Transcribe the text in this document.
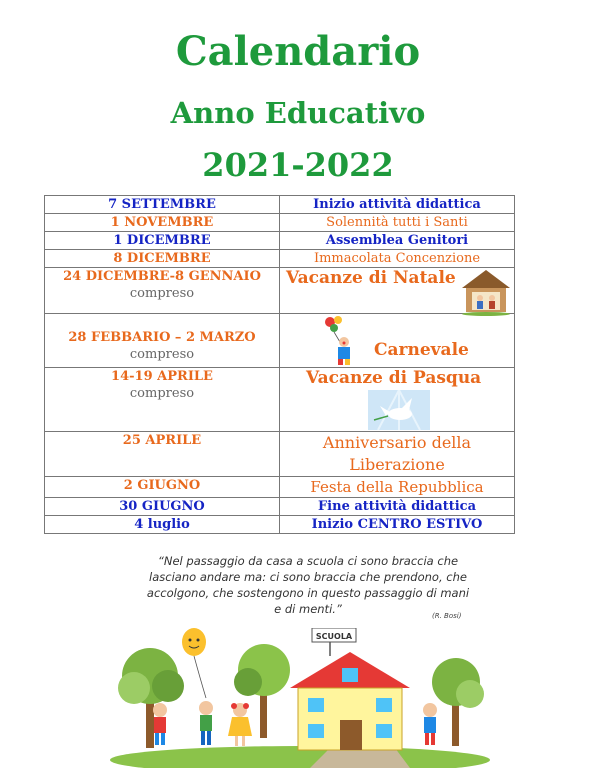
Calendario
Anno Educativo
2021-2022
7 SETTEMBRE	Inizio attività didattica
1 NOVEMBRE	Solennità tutti i Santi
1 DICEMBRE	Assemblea Genitori
8 DICEMBRE	Immacolata Concenzione

24 DICEMBRE-8 GENNAIO
compreso	Vacanze di Natale

28 FEBBARIO – 2 MARZO
compreso	Carnevale

14-19 APRILE
compreso	Vacanze di Pasqua

25 APRILE	Anniversario della
Liberazione

2 GIUGNO	Festa della Repubblica

30 GIUGNO	Fine attività didattica
4 luglio	Inizio CENTRO ESTIVO
“Nel passaggio da casa a scuola ci sono braccia che lasciano andare ma: ci sono braccia che prendono, che accolgono, che sostengono in questo passaggio di mani e di menti.”	(R. Bosi)
SCUOLA
